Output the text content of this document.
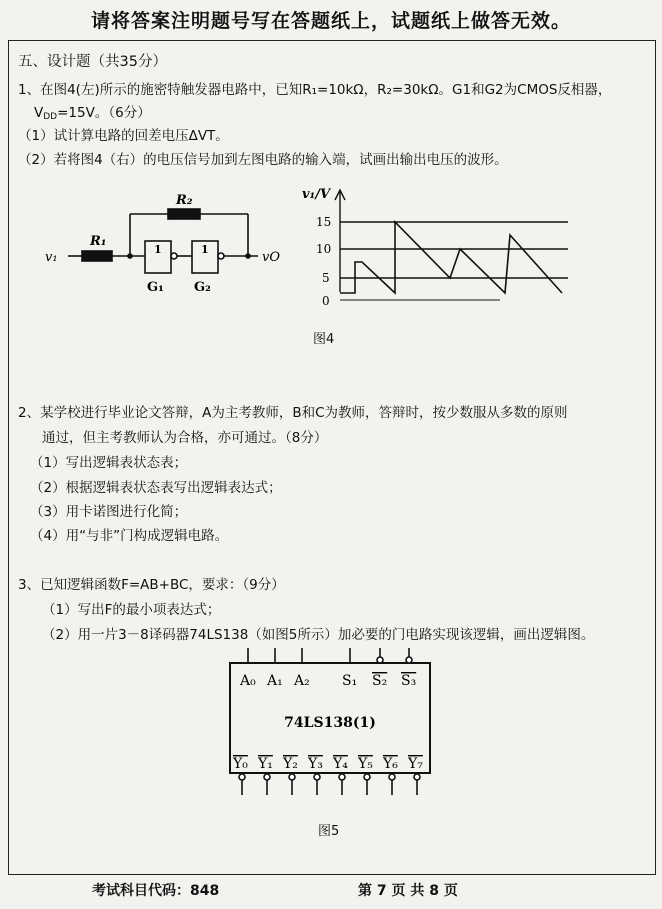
请将答案注明题号写在答题纸上，试题纸上做答无效。
五、设计题（共35分）
1、在图4(左)所示的施密特触发器电路中，已知R₁=10kΩ，R₂=30kΩ。G1和G2为CMOS反相器，
VDD=15V。（6分）
（1）试计算电路的回差电压ΔVT。
（2）若将图4（右）的电压信号加到左图电路的输入端，试画出输出电压的波形。
v₁
R₁
R₂
1	1
G₁ G₂
vO
v₁/V
15
10
5
0
图4
2、某学校进行毕业论文答辩，A为主考教师，B和C为教师，答辩时，按少数服从多数的原则
通过，但主考教师认为合格，亦可通过。（8分）
（1）写出逻辑表状态表；
（2）根据逻辑表状态表写出逻辑表达式；
（3）用卡诺图进行化简；
（4）用“与非”门构成逻辑电路。
3、已知逻辑函数F=AB+BC，要求：（9分）
（1）写出F的最小项表达式；
（2）用一片3－8译码器74LS138（如图5所示）加必要的门电路实现该逻辑，画出逻辑图。
A₀ A₁ A₂ S₁ S₂ S₃
74LS138(1)
Y₀ Y₁ Y₂ Y₃ Y₄ Y₅ Y₆ Y₇
图5
考试科目代码：848	第 7 页 共 8 页
